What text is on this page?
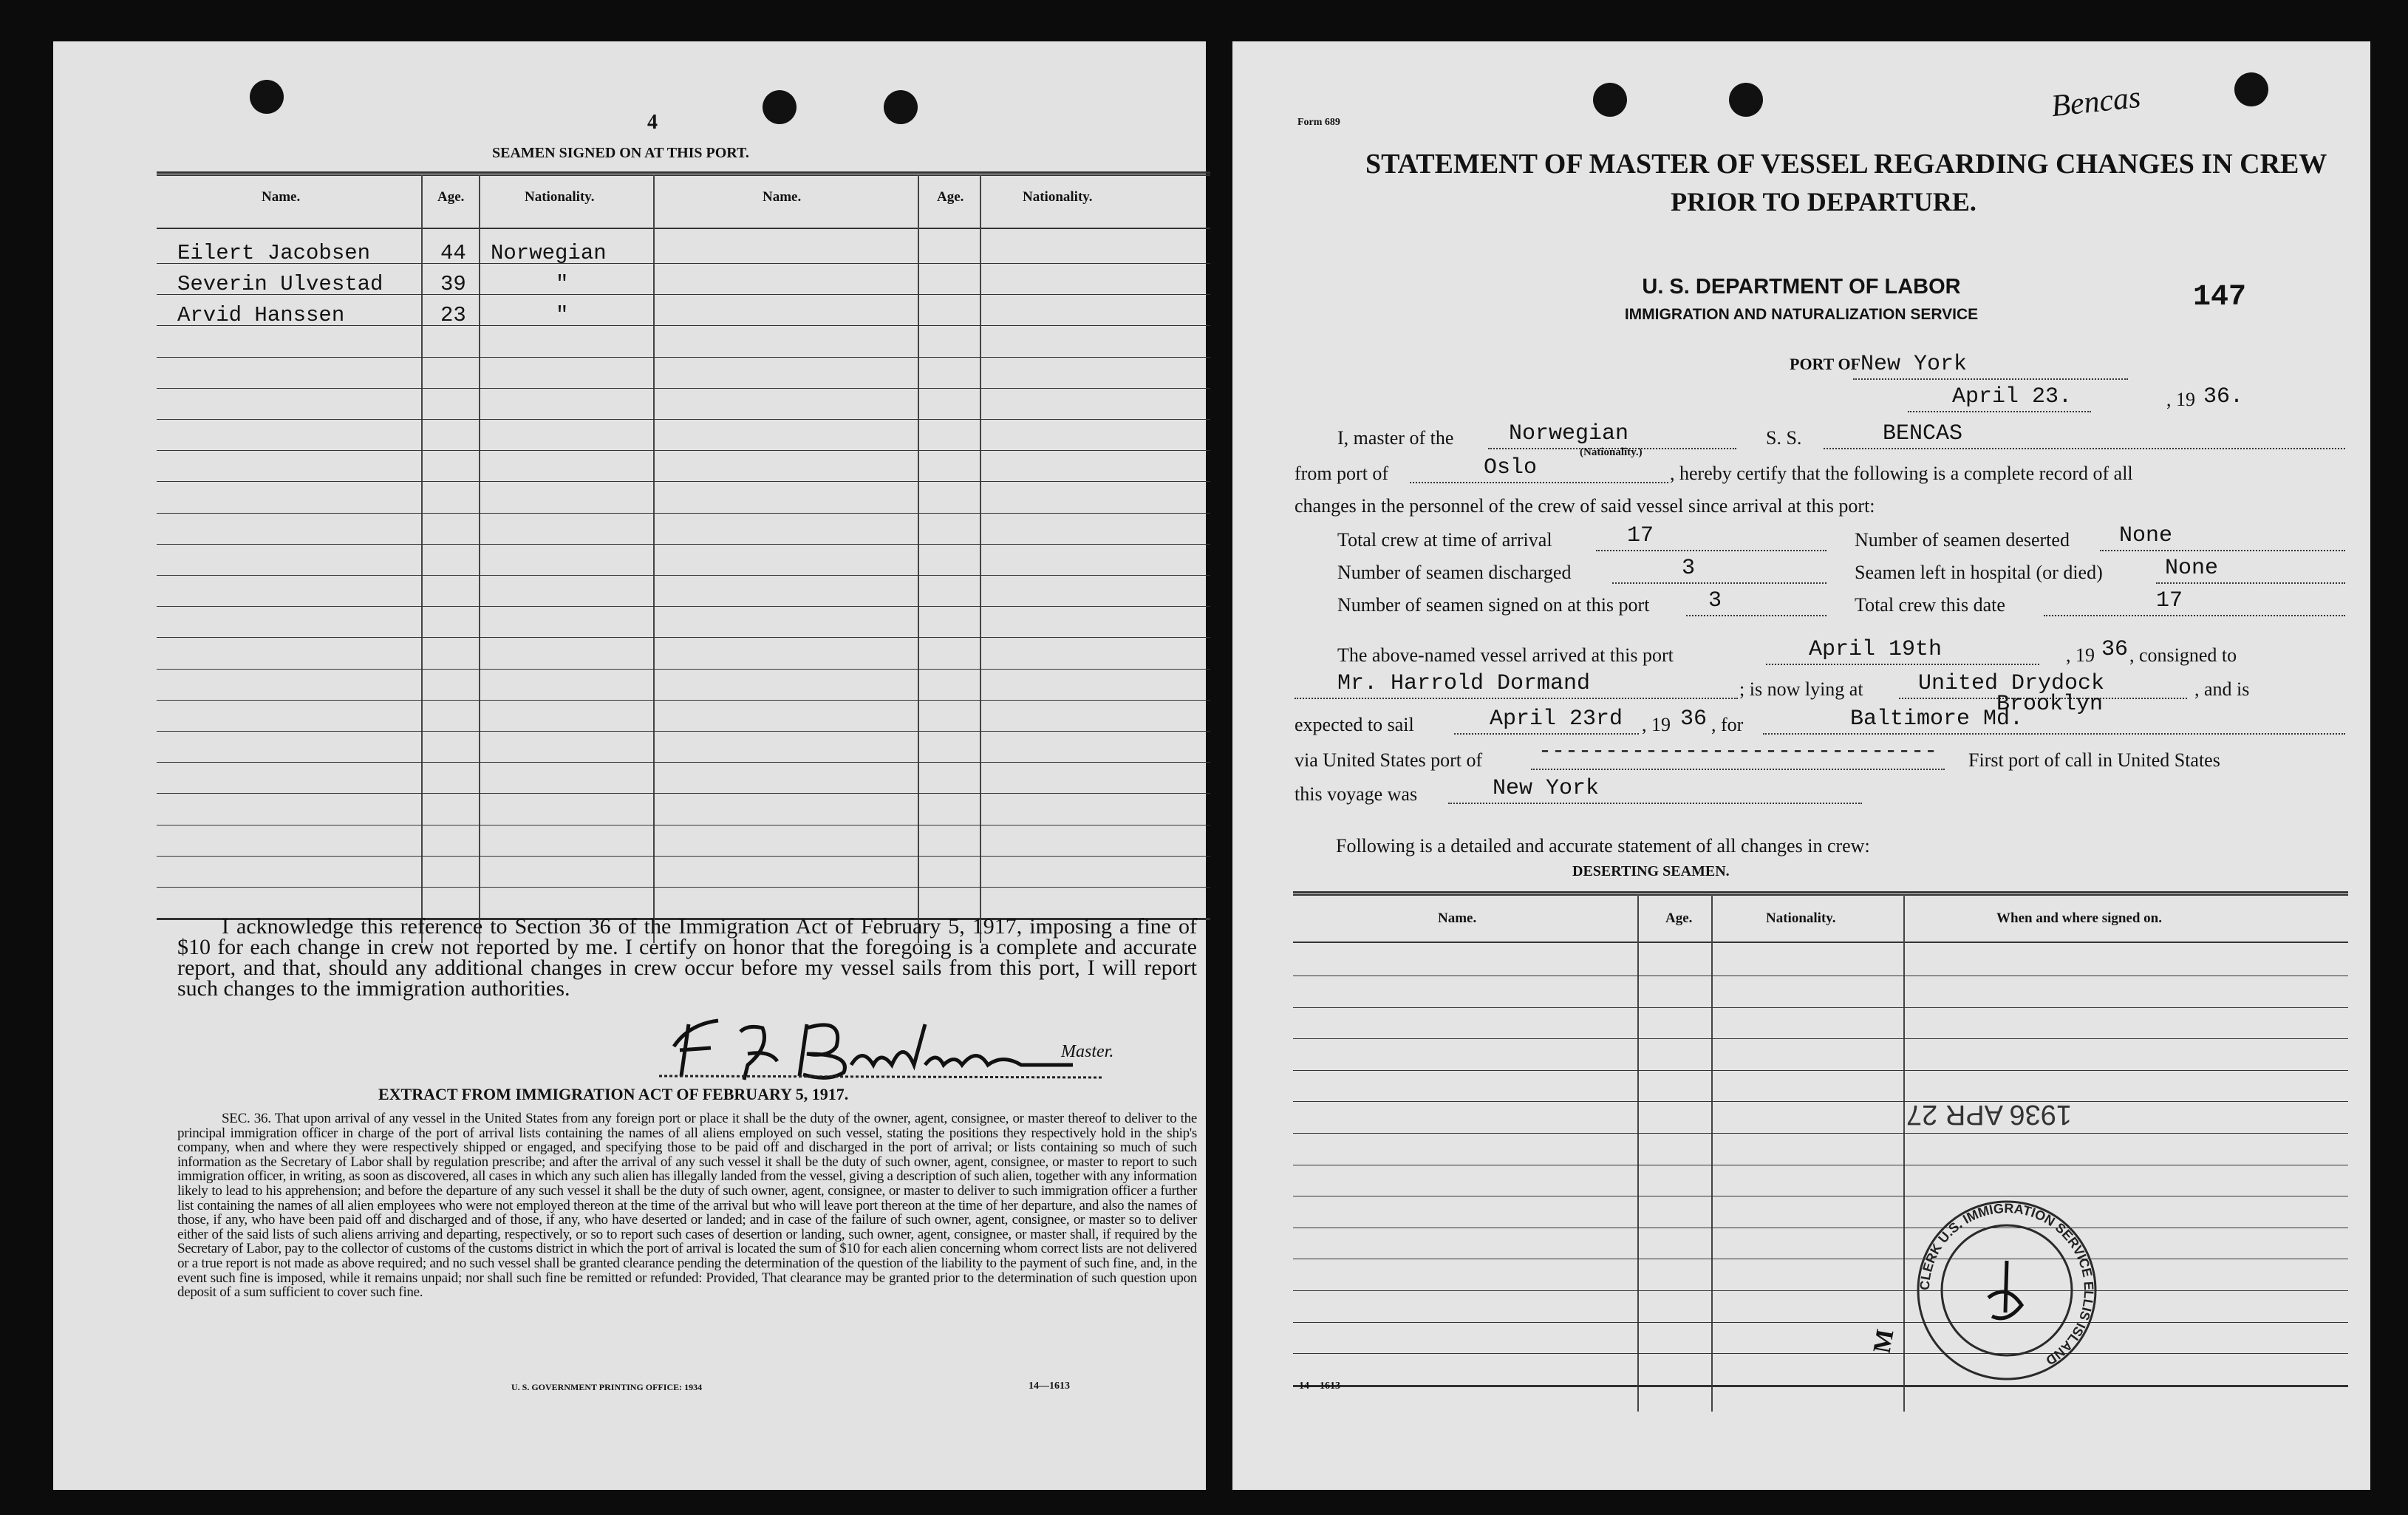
4
SEAMEN SIGNED ON AT THIS PORT.
Name.	Age.	Nationality.	Name.	Age.	Nationality.
Eilert Jacobsen	44 Norwegian
Severin Ulvestad	39	"
Arvid Hanssen	23	"
I acknowledge this reference to Section 36 of the Immigration Act of February 5, 1917, imposing a fine of $10 for each change in crew not reported by me. I certify on honor that the foregoing is a complete and accurate report, and that, should any additional changes in crew occur before my vessel sails from this port, I will report such changes to the immigration authorities.
Master.
EXTRACT FROM IMMIGRATION ACT OF FEBRUARY 5, 1917.
SEC. 36. That upon arrival of any vessel in the United States from any foreign port or place it shall be the duty of the owner, agent, consignee, or master thereof to deliver to the principal immigration officer in charge of the port of arrival lists containing the names of all aliens employed on such vessel, stating the positions they respectively hold in the ship's company, when and where they were respectively shipped or engaged, and specifying those to be paid off and discharged in the port of arrival; or lists containing so much of such information as the Secretary of Labor shall by regulation prescribe; and after the arrival of any such vessel it shall be the duty of such owner, agent, consignee, or master to report to such immigration officer, in writing, as soon as discovered, all cases in which any such alien has illegally landed from the vessel, giving a description of such alien, together with any information likely to lead to his apprehension; and before the departure of any such vessel it shall be the duty of such owner, agent, consignee, or master to deliver to such immigration officer a further list containing the names of all alien employees who were not employed thereon at the time of the arrival but who will leave port thereon at the time of her departure, and also the names of those, if any, who have been paid off and discharged and of those, if any, who have deserted or landed; and in case of the failure of such owner, agent, consignee, or master so to deliver either of the said lists of such aliens arriving and departing, respectively, or so to report such cases of desertion or landing, such owner, agent, consignee, or master shall, if required by the Secretary of Labor, pay to the collector of customs of the customs district in which the port of arrival is located the sum of $10 for each alien concerning whom correct lists are not delivered or a true report is not made as above required; and no such vessel shall be granted clearance pending the determination of the question of the liability to the payment of such fine, and, in the event such fine is imposed, while it remains unpaid; nor shall such fine be remitted or refunded: Provided, That clearance may be granted prior to the determination of such question upon deposit of a sum sufficient to cover such fine.
U. S. GOVERNMENT PRINTING OFFICE: 1934	14—1613
Form 689	Bencas
STATEMENT OF MASTER OF VESSEL REGARDING CHANGES IN CREW
PRIOR TO DEPARTURE.
U. S. DEPARTMENT OF LABOR
IMMIGRATION AND NATURALIZATION SERVICE
147
PORT OF New York
April 23.	, 19 36.
I, master of the Norwegian
(Nationality.)
S. S.	BENCAS
from port of	Oslo	, hereby certify that the following is a complete record of all
changes in the personnel of the crew of said vessel since arrival at this port:
Total crew at time of arrival	17	Number of seamen deserted None
Number of seamen discharged	3	Seamen left in hospital (or died)	None
Number of seamen signed on at this port	3	Total crew this date	17
The above-named vessel arrived at this port	April 19th	, 19 36 , consigned to
Mr. Harrold Dormand	; is now lying at United Drydock	, and is
Brooklyn
expected to sail	April 23rd , 19 36 , for	Baltimore Md.
via United States port of	------------------------------ First port of call in United States
this voyage was	New York
Following is a detailed and accurate statement of all changes in crew:
DESERTING SEAMEN.
Name.	Age.	Nationality.	When and where signed on.
CLERK U.S. IMMIGRATION SERVICE ELLIS ISLAND
1936 APR 27
M
14—1613
